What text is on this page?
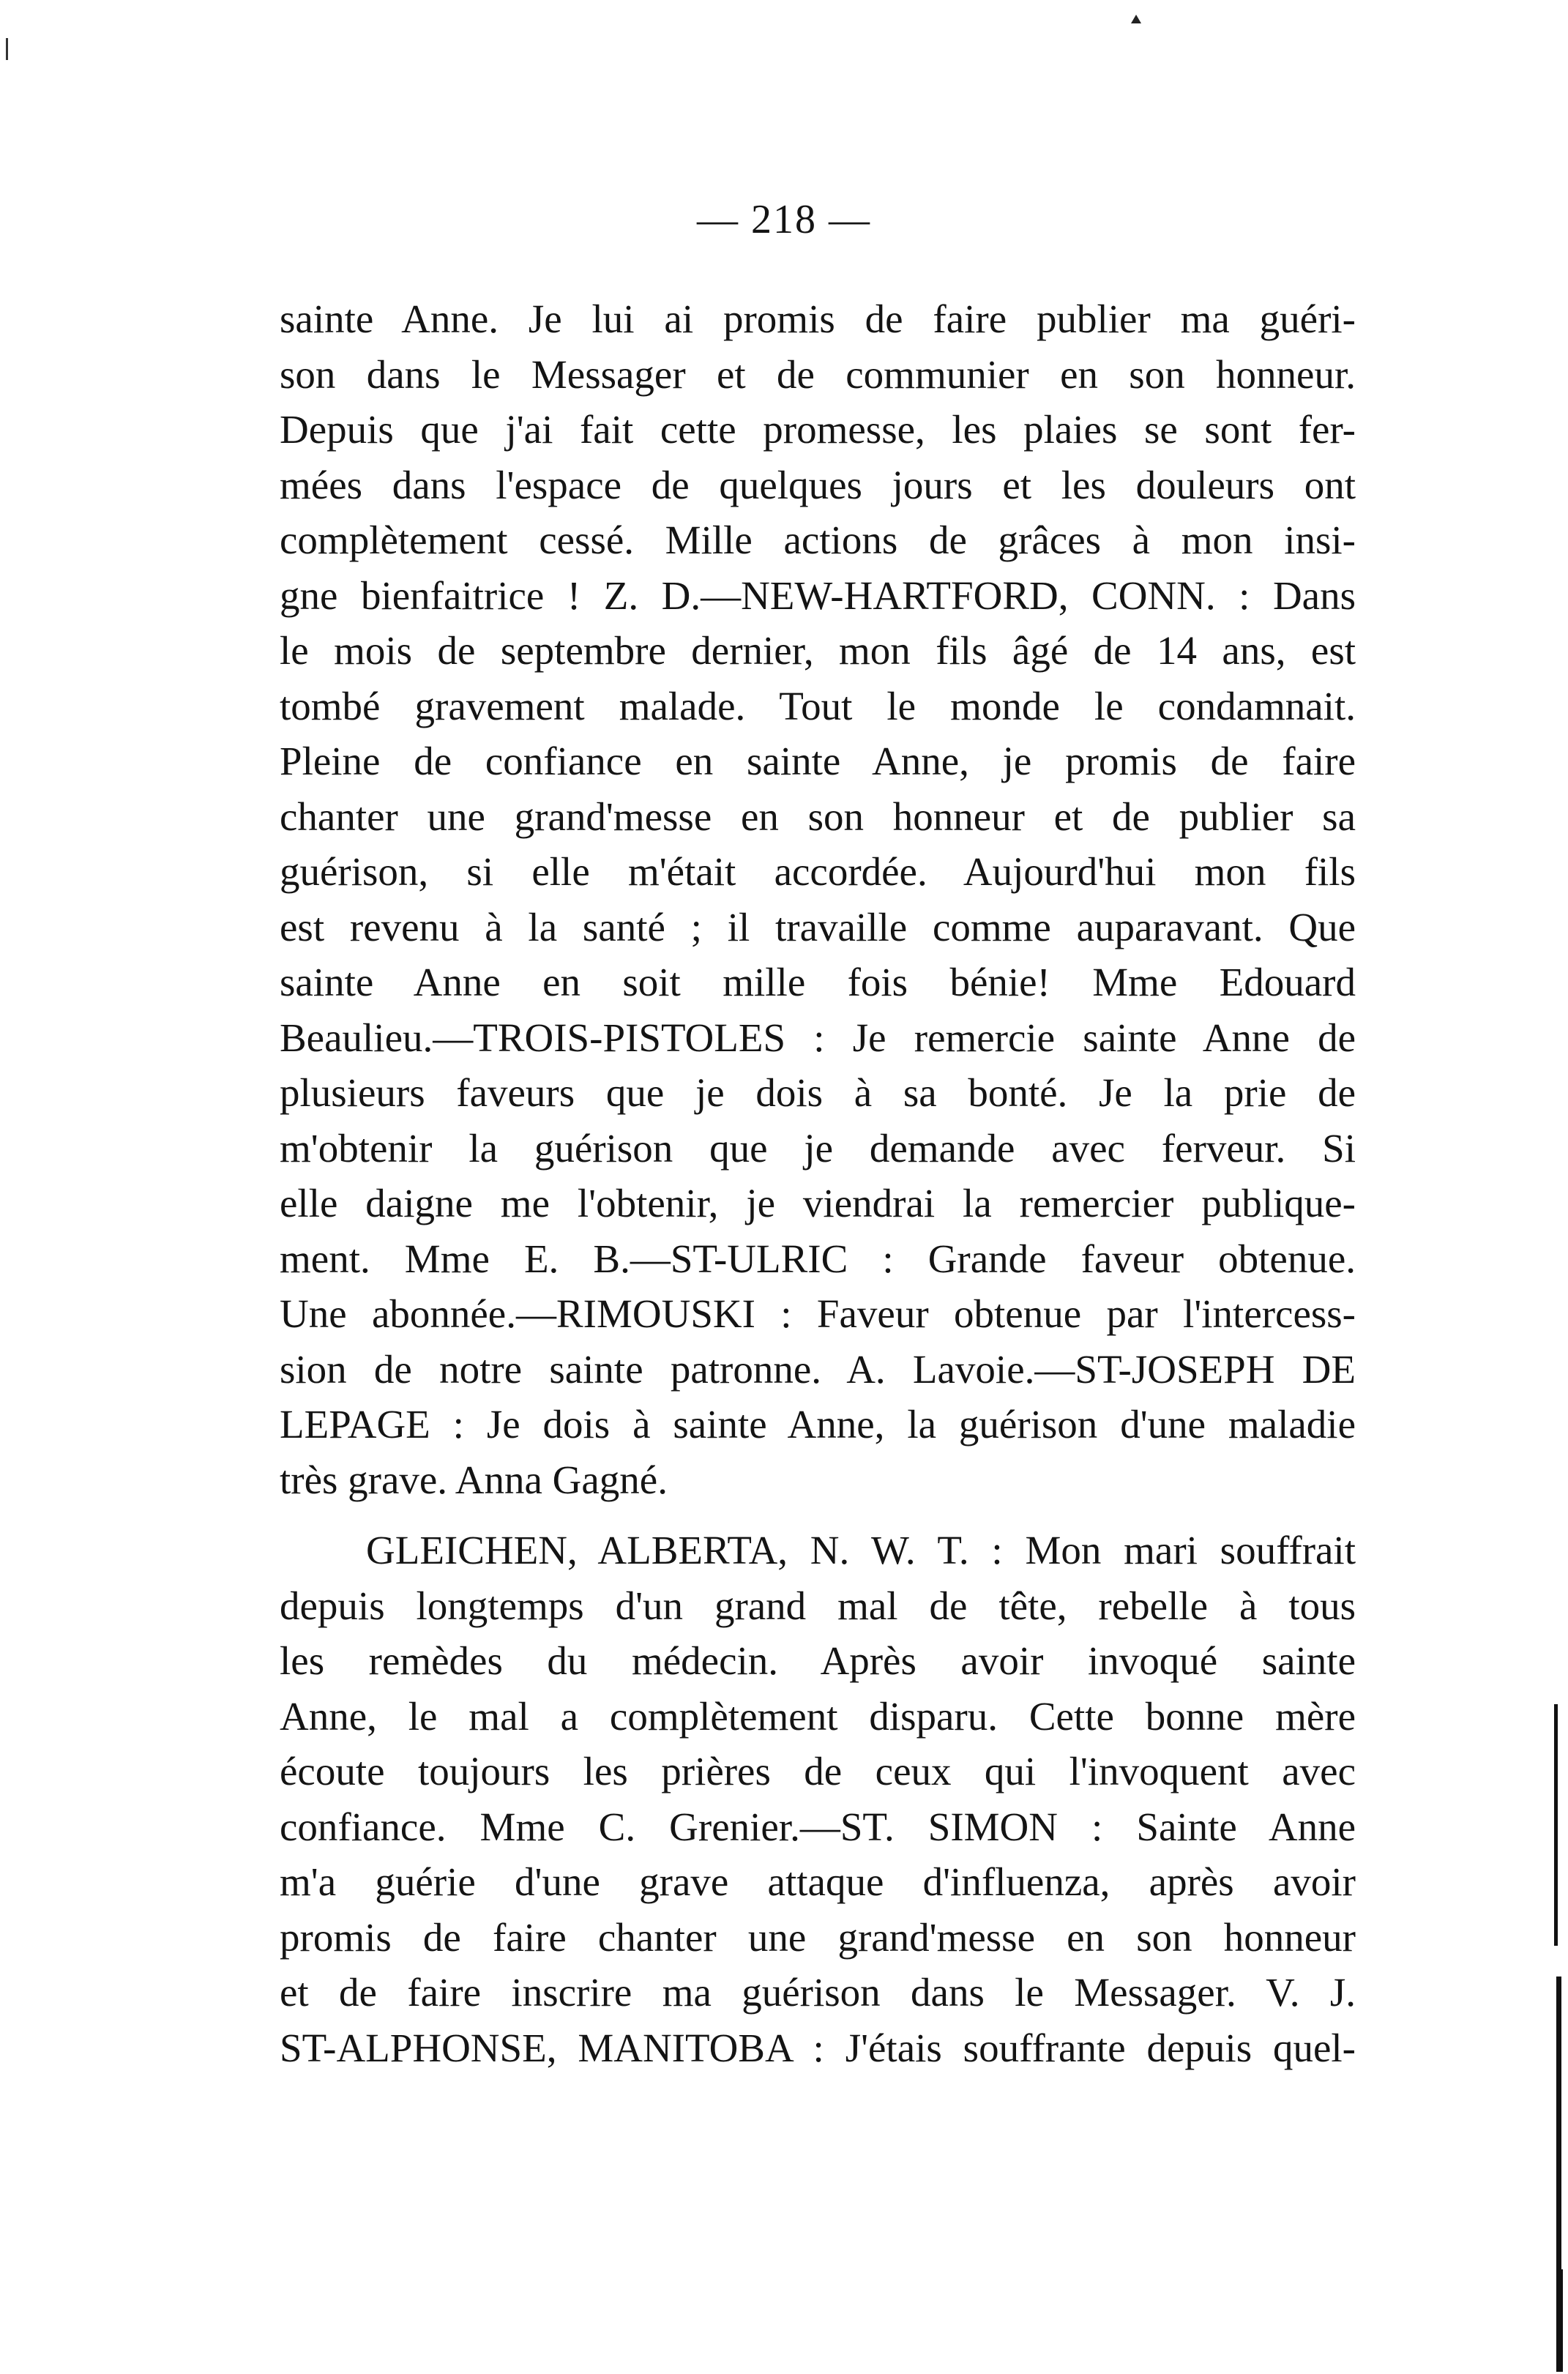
— 218 —
sainte Anne. Je lui ai promis de faire publier ma guéri-
son dans le Messager et de communier en son honneur.
Depuis que j'ai fait cette promesse, les plaies se sont fer-
mées dans l'espace de quelques jours et les douleurs ont
complètement cessé. Mille actions de grâces à mon insi-
gne bienfaitrice ! Z. D.—NEW-HARTFORD, CONN. : Dans
le mois de septembre dernier, mon fils âgé de 14 ans, est
tombé gravement malade. Tout le monde le condamnait.
Pleine de confiance en sainte Anne, je promis de faire
chanter une grand'messe en son honneur et de publier sa
guérison, si elle m'était accordée. Aujourd'hui mon fils
est revenu à la santé ; il travaille comme auparavant. Que
sainte Anne en soit mille fois bénie! Mme Edouard
Beaulieu.—TROIS-PISTOLES : Je remercie sainte Anne de
plusieurs faveurs que je dois à sa bonté. Je la prie de
m'obtenir la guérison que je demande avec ferveur. Si
elle daigne me l'obtenir, je viendrai la remercier publique-
ment. Mme E. B.—ST-ULRIC : Grande faveur obtenue.
Une abonnée.—RIMOUSKI : Faveur obtenue par l'intercess-
sion de notre sainte patronne. A. Lavoie.—ST-JOSEPH DE
LEPAGE : Je dois à sainte Anne, la guérison d'une maladie
très grave. Anna Gagné.
GLEICHEN, ALBERTA, N. W. T. : Mon mari souffrait
depuis longtemps d'un grand mal de tête, rebelle à tous
les remèdes du médecin. Après avoir invoqué sainte
Anne, le mal a complètement disparu. Cette bonne mère
écoute toujours les prières de ceux qui l'invoquent avec
confiance. Mme C. Grenier.—ST. SIMON : Sainte Anne
m'a guérie d'une grave attaque d'influenza, après avoir
promis de faire chanter une grand'messe en son honneur
et de faire inscrire ma guérison dans le Messager. V. J.
ST-ALPHONSE, MANITOBA : J'étais souffrante depuis quel-
